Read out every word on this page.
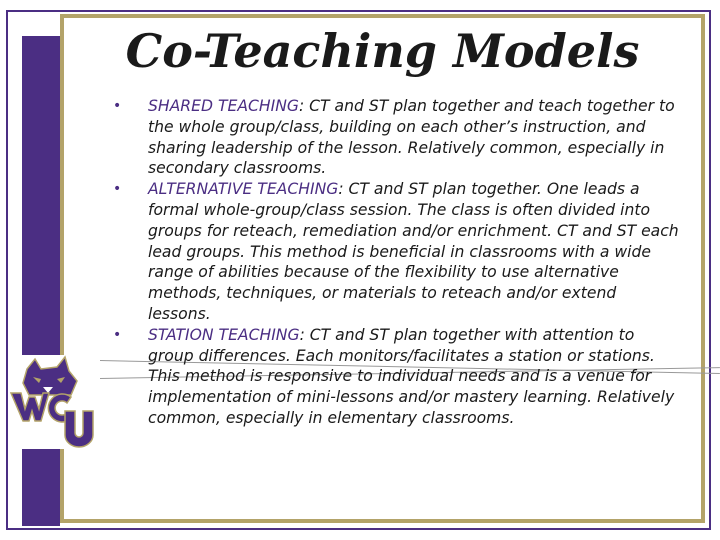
Co-Teaching Models
• SHARED TEACHING: CT and ST plan together and teach together to the whole group/class, building on each other’s instruction, and sharing leadership of the lesson. Relatively common, especially in secondary classrooms.
• ALTERNATIVE TEACHING: CT and ST plan together. One leads a formal whole-group/class session. The class is often divided into groups for reteach, remediation and/or enrichment. CT and ST each lead groups. This method is beneficial in classrooms with a wide range of abilities because of the flexibility to use alternative methods, techniques, or materials to reteach and/or extend lessons.
• STATION TEACHING: CT and ST plan together with attention to group differences. Each monitors/facilitates a station or stations. This method is responsive to individual needs and is a venue for implementation of mini-lessons and/or mastery learning. Relatively common, especially in elementary classrooms.
